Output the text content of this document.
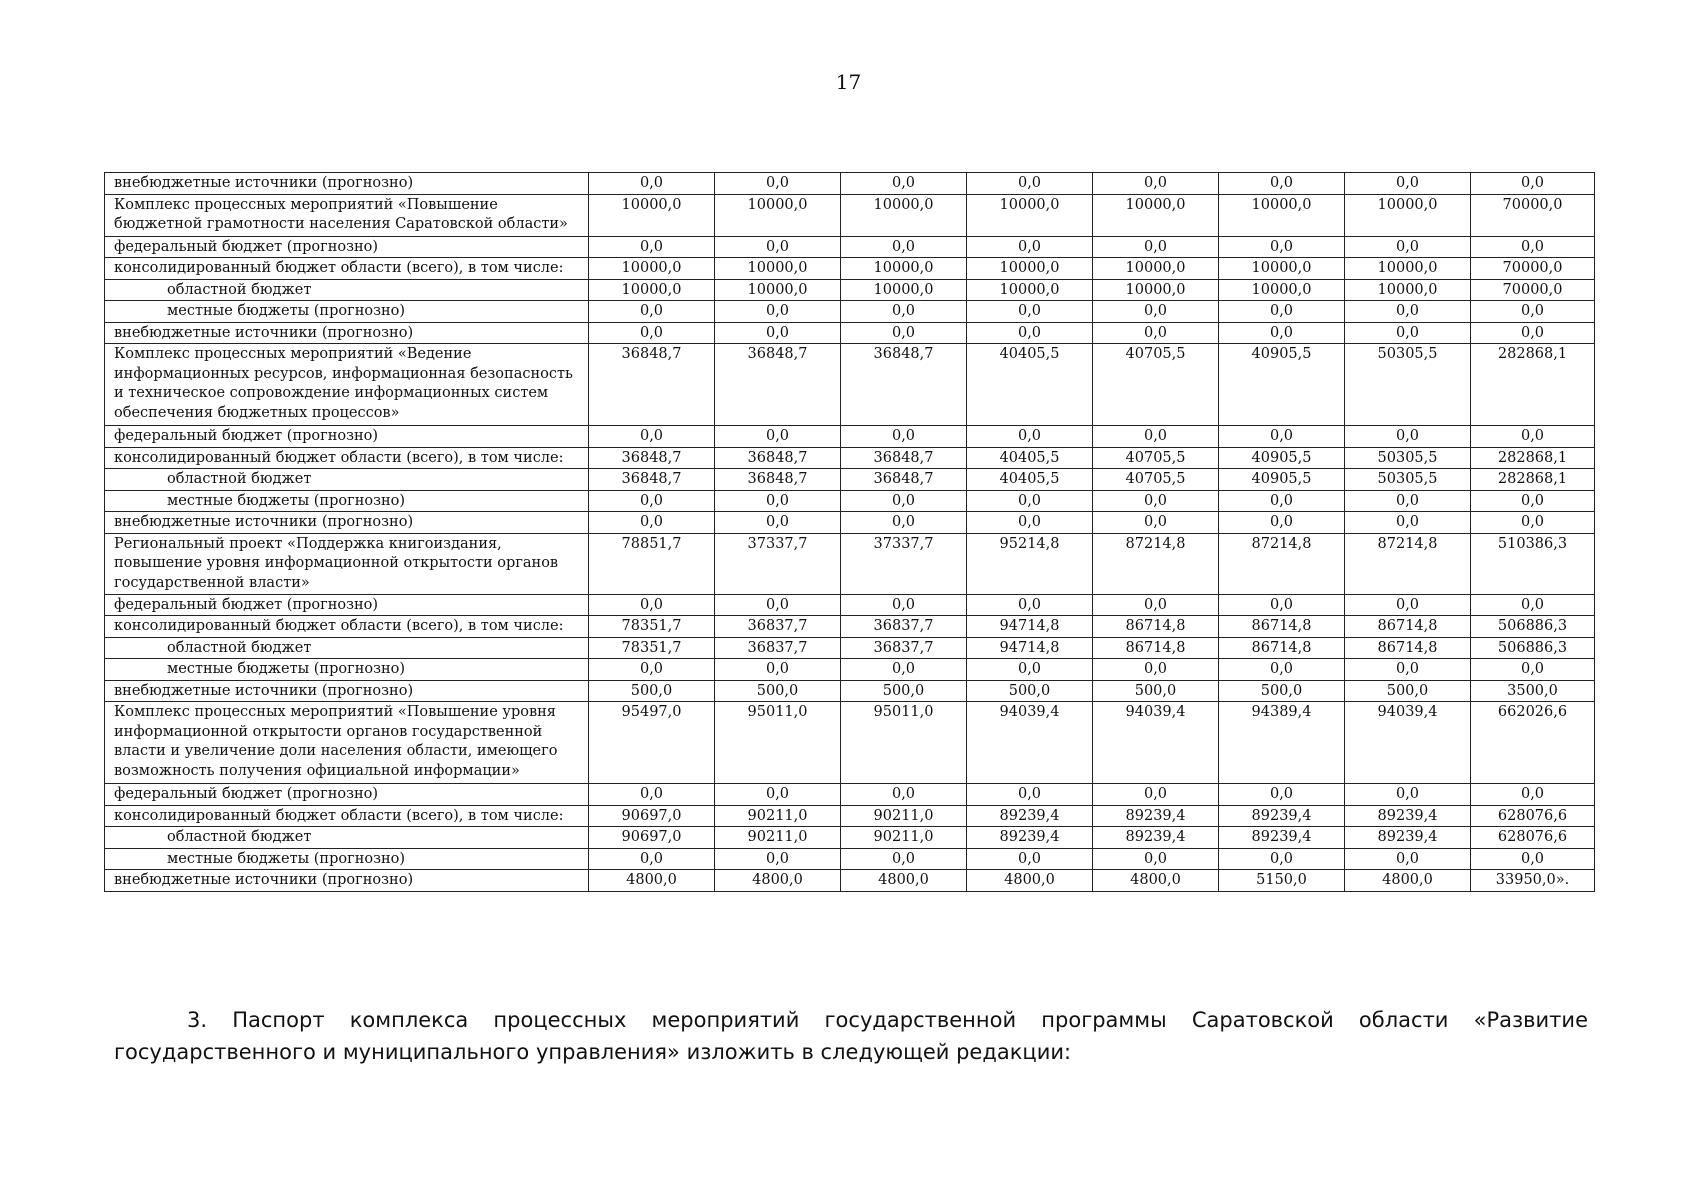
17
внебюджетные источники (прогнозно)	0,0	0,0	0,0	0,0	0,0	0,0	0,0	0,0
Комплекс процессных мероприятий «Повышение бюджетной грамотности населения Саратовской области»	10000,0	10000,0	10000,0	10000,0	10000,0	10000,0	10000,0	70000,0
федеральный бюджет (прогнозно)	0,0	0,0	0,0	0,0	0,0	0,0	0,0	0,0
консолидированный бюджет области (всего), в том числе:	10000,0	10000,0	10000,0	10000,0	10000,0	10000,0	10000,0	70000,0
областной бюджет	10000,0	10000,0	10000,0	10000,0	10000,0	10000,0	10000,0	70000,0
местные бюджеты (прогнозно)	0,0	0,0	0,0	0,0	0,0	0,0	0,0	0,0
внебюджетные источники (прогнозно)	0,0	0,0	0,0	0,0	0,0	0,0	0,0	0,0
Комплекс процессных мероприятий «Ведение информационных ресурсов, информационная безопасность и техническое сопровождение информационных систем обеспечения бюджетных процессов»	36848,7	36848,7	36848,7	40405,5	40705,5	40905,5	50305,5	282868,1
федеральный бюджет (прогнозно)	0,0	0,0	0,0	0,0	0,0	0,0	0,0	0,0
консолидированный бюджет области (всего), в том числе:	36848,7	36848,7	36848,7	40405,5	40705,5	40905,5	50305,5	282868,1
областной бюджет	36848,7	36848,7	36848,7	40405,5	40705,5	40905,5	50305,5	282868,1
местные бюджеты (прогнозно)	0,0	0,0	0,0	0,0	0,0	0,0	0,0	0,0
внебюджетные источники (прогнозно)	0,0	0,0	0,0	0,0	0,0	0,0	0,0	0,0
Региональный проект «Поддержка книгоиздания, повышение уровня информационной открытости органов государственной власти»	78851,7	37337,7	37337,7	95214,8	87214,8	87214,8	87214,8	510386,3
федеральный бюджет (прогнозно)	0,0	0,0	0,0	0,0	0,0	0,0	0,0	0,0
консолидированный бюджет области (всего), в том числе:	78351,7	36837,7	36837,7	94714,8	86714,8	86714,8	86714,8	506886,3
областной бюджет	78351,7	36837,7	36837,7	94714,8	86714,8	86714,8	86714,8	506886,3
местные бюджеты (прогнозно)	0,0	0,0	0,0	0,0	0,0	0,0	0,0	0,0
внебюджетные источники (прогнозно)	500,0	500,0	500,0	500,0	500,0	500,0	500,0	3500,0
Комплекс процессных мероприятий «Повышение уровня информационной открытости органов государственной власти и увеличение доли населения области, имеющего возможность получения официальной информации»	95497,0	95011,0	95011,0	94039,4	94039,4	94389,4	94039,4	662026,6
федеральный бюджет (прогнозно)	0,0	0,0	0,0	0,0	0,0	0,0	0,0	0,0
консолидированный бюджет области (всего), в том числе:	90697,0	90211,0	90211,0	89239,4	89239,4	89239,4	89239,4	628076,6
областной бюджет	90697,0	90211,0	90211,0	89239,4	89239,4	89239,4	89239,4	628076,6
местные бюджеты (прогнозно)	0,0	0,0	0,0	0,0	0,0	0,0	0,0	0,0
внебюджетные источники (прогнозно)	4800,0	4800,0	4800,0	4800,0	4800,0	5150,0	4800,0	33950,0».

3. Паспорт комплекса процессных мероприятий государственной программы Саратовской области «Развитие государственного и муниципального управления» изложить в следующей редакции:
